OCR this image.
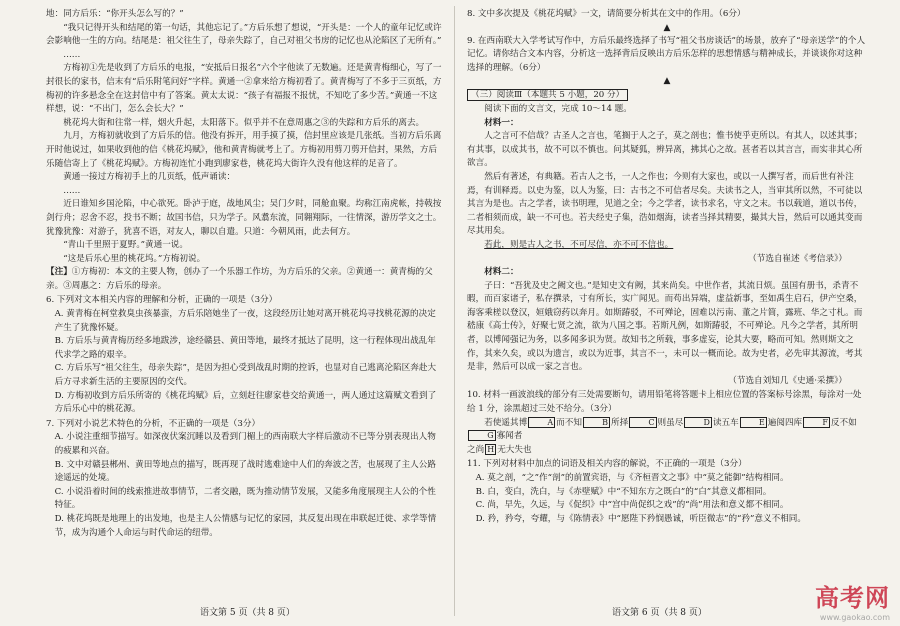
地：同方后乐：“你开头怎么写的？”

“我只记得开头和结尾的第一句话，其他忘记了。”方后乐想了想说，“开头是：一个人的童年记忆或许会影响他一生的方向。结尾是：祖父往生了，母亲失踪了，自己对祖父书房的记忆也从沦陷区了无所有。”

……

方梅初①先是收到了方后乐的电报，“安抵后日报名”六个字他读了无数遍。还是黄青梅细心，写了一封很长的家书，信末有“后乐附笔问好”字样。黄通一②拿来给方梅初看了。黄青梅写了不多于三页纸，方梅初的许多悬念全在这封信中有了答案。黄太太说：“孩子有福报不报忧，不知吃了多少苦。”黄通一不这样想，说：“不出门，怎么会长大？”

桃花坞大街和往常一样，烟火升起，太阳落下。似乎并不在意周惠之③的失踪和方后乐的离去。

九月，方梅初就收到了方后乐的信。他没有拆开，用手摸了摸，信封里应该是几张纸。当初方后乐离开时他说过，如果收到他的信《桃花坞赋》，他和黄青梅就考上了。方梅初用剪刀剪开信封，果然，方后乐随信寄上了《桃花坞赋》。方梅初连忙小跑到廖家巷，桃花坞大街许久没有他这样的足音了。

黄通一接过方梅初手上的几页纸，低声诵读：

……

近日谁知乡国沦陷，中心欲死。卧泸于庭，战地风尘；吴门夕时，同舱血聚。均称江南虎帐，持戟按剑行舟；忍舍不忍，投书不断；故国书信，只为学子。风翥东流，同翱翔际，一往情深，游历学文之士。犹豫犹豫：对游子，犹喜不语，对友人，聊以自遣。只道：今朝风雨，此去何方。

“青山千里照于夏野。”黄通一说。

“这是后乐心里的桃花坞。”方梅初说。

【注】①方梅初：本文的主要人物，创办了一个乐器工作坊，为方后乐的父亲。②黄通一：黄青梅的父亲。③周惠之：方后乐的母亲。

6. 下列对文本相关内容的理解和分析，正确的一项是（3分）

A. 黄青梅在柯堂救臭虫孩暴蛮，方后乐陪她坐了一夜，这段经历让她对离开桃花坞寻找桃花源的决定产生了犹豫怀疑。

B. 方后乐与黄青梅历经多地跋涉，途经赣县、黄田等地，最终才抵达了昆明，这一行程体现出战乱年代求学之路的艰辛。

C. 方后乐写“祖父往生，母亲失踪”，是因为担心受到战乱时期的控诉，也显对自己逃离沦陷区奔赴大后方寻求新生活的主要原因的交代。

D. 方梅初收到方后乐所寄的《桃花坞赋》后，立刻赶往廖家巷交给黄通一，两人通过这篇赋文看到了方后乐心中的桃花源。

7. 下列对小说艺术特色的分析，不正确的一项是（3分）

A. 小说注重细节描写。如深夜伏案沉睡以及看到门楣上的西南联大字样后激动不已等分别表现出人物的疲累和兴奋。

B. 文中对赣县郴州、黄田等地点的描写，既再现了战时逃难途中人们的奔波之苦，也展现了主人公路途遥远的处境。

C. 小说沿着时间的线索推进故事情节，二者交融，既为推动情节发展，又能多角度展现主人公的个性特征。

D. 桃花坞既是地理上的出发地，也是主人公情感与记忆的家园，其反复出现在串联起迁徙、求学等情节，成为沟通个人命运与时代命运的纽带。

语文第 5 页（共 8 页）

8. 文中多次提及《桃花坞赋》一文，请简要分析其在文中的作用。（6分）

▲

9. 在西南联大入学考试写作中，方后乐最终选择了书写“祖父书房谈话”的场景，放弃了“母亲送学”的个人记忆。请你结合文本内容，分析这一选择背后反映出方后乐怎样的思想情感与精神成长，并谈谈你对这种选择的理解。（6分）

▲

（三）阅读Ⅲ（本题共 5 小题，20 分）

阅读下面的文言文，完成 10～14 题。

材料一：

人之言可不信哉？古圣人之言也，笔搁于人之子，莫之剖也；惟书使乎吏所以。有其人，以述其事；有其事，以成其书，故不可以不慎也。问其疑狐，辨异离，拂其心之故。甚者若以其言言，而实非其心所欲言。

然后有著述，有典籍。若古人之书，一人之作也；今则有大家也，或以一人撰写者，而后世有补注焉，有训释焉。以史为鉴，以人为鉴，曰：古书之不可信者尽矣。夫读书之人，当审其所以然，不可徒以其言为是也。古之学者，读书明理，见道之全；今之学者，读书求名，守文之末。书以载道，道以书传，二者相须而成，缺一不可也。若夫经史子集，浩如烟海，读者当择其精要，撮其大旨，然后可以通其变而尽其用矣。

若此，则是古人之书，不可尽信，亦不可不信也。

（节选自崔述《考信录》）

材料二：

子曰：“吾犹及史之阙文也。”是知史文有阙，其来尚矣。中世作者，其流日烦。虽国有册书，杀青不暇，而百家诸子，私存撰录，寸有所长，实广闻见。而苟出异端，虚益新事，至如禹生启石，伊产空桑，海客乘槎以登汉，姮娥窃药以奔月。如斯踳驳，不可殚论，固难以污南、董之片简，露班、华之寸札。而嵇康《高士传》，好聚七贤之流，欲为八国之事。若斯凡例，如斯踳驳，不可殚论。凡今之学者，其所明者，以博闻强记为务，以多闻多识为贤。故知书之所载，事多虚妄，论其大要，略而可知。然则斯文之作，其来久矣，或以为遗言，或以为近事，其言不一，未可以一概而论。故为史者，必先审其源流，考其是非，然后可以成一家之言也。

（节选自刘知几《史通·采撰》）

10. 材料一画波浪线的部分有三处需要断句，请用铅笔将答题卡上相应位置的答案标号涂黑，每涂对一处给 1 分，涂黑超过三处不给分。（3分）

若使遥其博	A 而不知	B 所择	C 则虽尽	D 读五车	E 遍阅四库	F 反不如G 寡闻者

之尚 H 无大失也

11. 下列对材料中加点的词语及相关内容的解说，不正确的一项是（3分）

A. 莫之剖，“之”作“剖”的前置宾语，与《齐桓晋文之事》中“莫之能御”结构相同。

B. 白，变白，洗白，与《赤壁赋》中“不知东方之既白”的“白”其意义都相同。

C. 尚，早先，久远，与《促织》中“宫中尚促织之戏”的“尚”用法和意义都不相同。

D. 矜，矜夸，夸耀，与《陈情表》中“愿陛下矜悯愚诚，听臣微志”的“矜”意义不相同。

语文第 6 页（共 8 页）
高考网
www.gaokao.com
